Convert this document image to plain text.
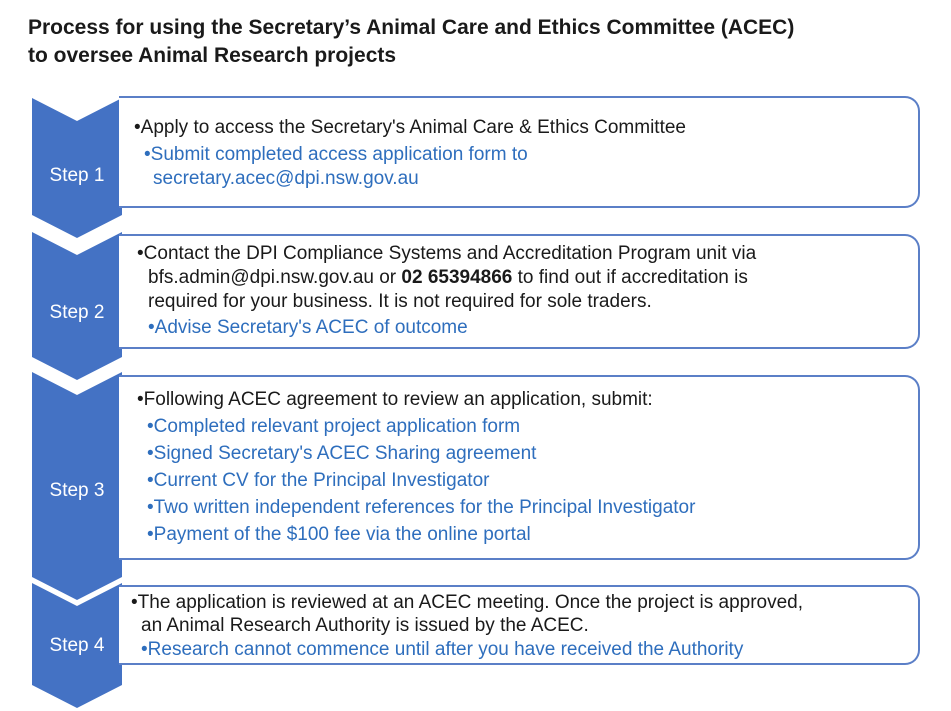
Process for using the Secretary’s Animal Care and Ethics Committee (ACEC)
to oversee Animal Research projects
Step 1
•Apply to access the Secretary's Animal Care & Ethics Committee
•Submit completed access application form to
secretary.acec@dpi.nsw.gov.au
Step 2
•Contact the DPI Compliance Systems and Accreditation Program unit via
bfs.admin@dpi.nsw.gov.au or 02 65394866 to find out if accreditation is
required for your business. It is not required for sole traders.
•Advise Secretary's ACEC of outcome
Step 3
•Following ACEC agreement to review an application, submit:
•Completed relevant project application form
•Signed Secretary's ACEC Sharing agreement
•Current CV for the Principal Investigator
•Two written independent references for the Principal Investigator
•Payment of the $100 fee via the online portal
Step 4
•The application is reviewed at an ACEC meeting. Once the project is approved,
an Animal Research Authority is issued by the ACEC.
•Research cannot commence until after you have received the Authority
